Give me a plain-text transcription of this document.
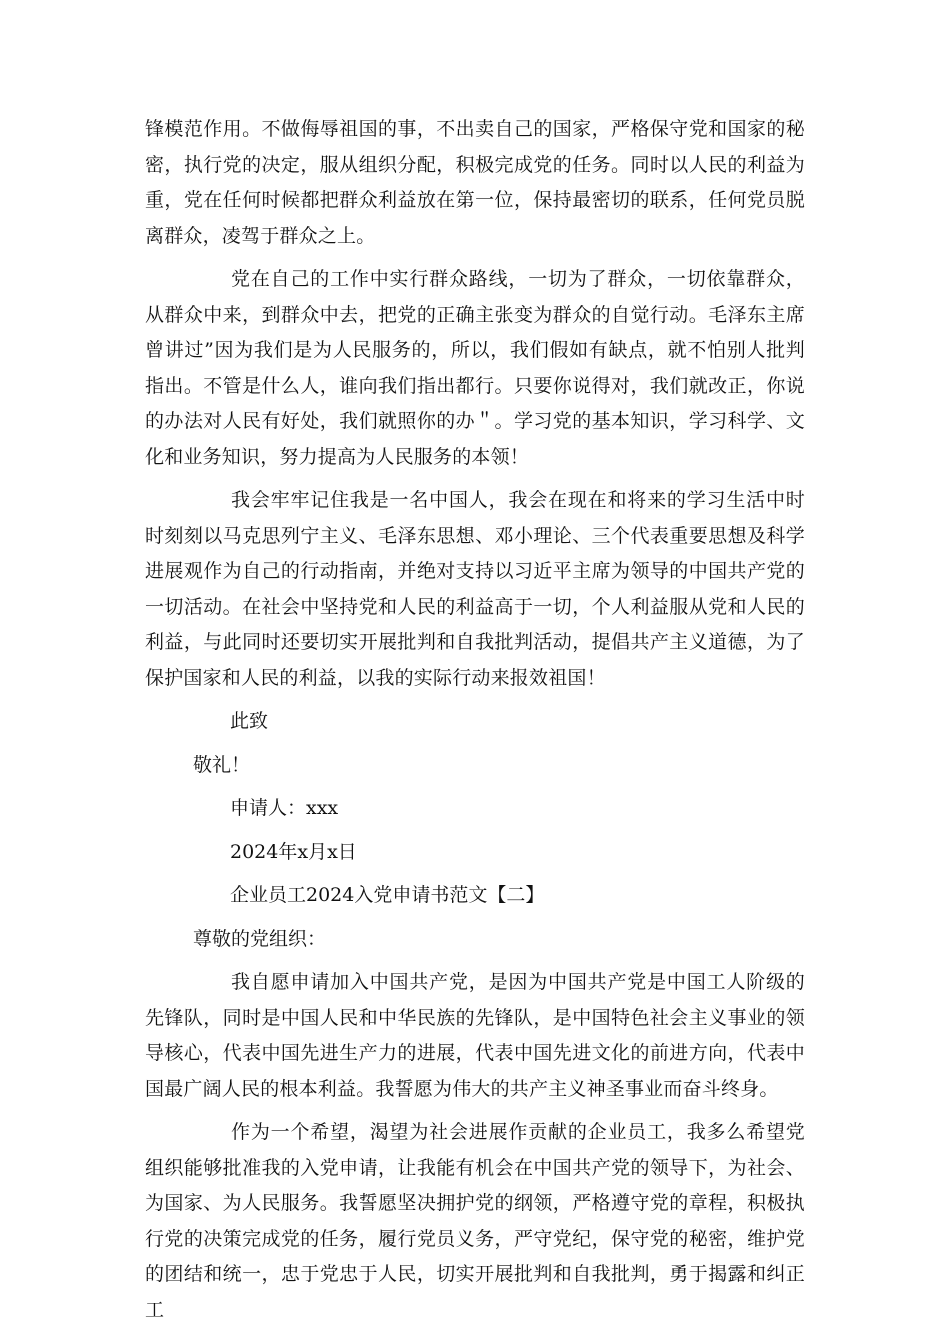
锋模范作用。不做侮辱祖国的事，不出卖自己的国家，严格保守党和国家的秘密，执行党的决定，服从组织分配，积极完成党的任务。同时以人民的利益为重，党在任何时候都把群众利益放在第一位，保持最密切的联系，任何党员脱离群众，凌驾于群众之上。

党在自己的工作中实行群众路线，一切为了群众，一切依靠群众，从群众中来，到群众中去，把党的正确主张变为群众的自觉行动。毛泽东主席曾讲过”因为我们是为人民服务的，所以，我们假如有缺点，就不怕别人批判指出。不管是什么人，谁向我们指出都行。只要你说得对，我们就改正，你说的办法对人民有好处，我们就照你的办＂。学习党的基本知识，学习科学、文化和业务知识，努力提高为人民服务的本领！

我会牢牢记住我是一名中国人，我会在现在和将来的学习生活中时时刻刻以马克思列宁主义、毛泽东思想、邓小理论、三个代表重要思想及科学进展观作为自己的行动指南，并绝对支持以习近平主席为领导的中国共产党的一切活动。在社会中坚持党和人民的利益高于一切，个人利益服从党和人民的利益，与此同时还要切实开展批判和自我批判活动，提倡共产主义道德，为了保护国家和人民的利益，以我的实际行动来报效祖国！

此致

敬礼！

申请人：xxx

2024年x月x日

企业员工2024入党申请书范文【二】

尊敬的党组织：

我自愿申请加入中国共产党，是因为中国共产党是中国工人阶级的先锋队，同时是中国人民和中华民族的先锋队，是中国特色社会主义事业的领导核心，代表中国先进生产力的进展，代表中国先进文化的前进方向，代表中国最广阔人民的根本利益。我誓愿为伟大的共产主义神圣事业而奋斗终身。

作为一个希望，渴望为社会进展作贡献的企业员工，我多么希望党组织能够批准我的入党申请，让我能有机会在中国共产党的领导下，为社会、为国家、为人民服务。我誓愿坚决拥护党的纲领，严格遵守党的章程，积极执行党的决策完成党的任务，履行党员义务，严守党纪，保守党的秘密，维护党的团结和统一，忠于党忠于人民，切实开展批判和自我批判，勇于揭露和纠正工
